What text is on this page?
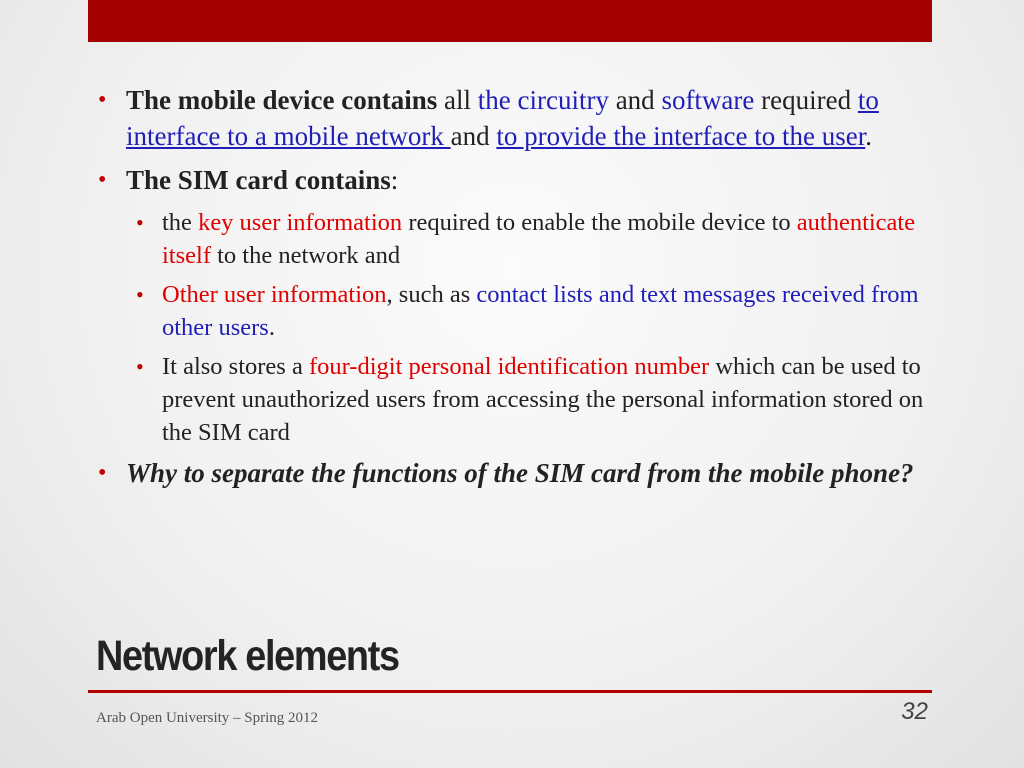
• The mobile device contains all the circuitry and software required to interface to a mobile network and to provide the interface to the user.
• The SIM card contains:
• the key user information required to enable the mobile device to authenticate itself to the network and
• Other user information, such as contact lists and text messages received from other users.
• It also stores a four-digit personal identification number which can be used to prevent unauthorized users from accessing the personal information stored on the SIM card
• Why to separate the functions of the SIM card from the mobile phone?
Network elements
Arab Open University – Spring 2012	32
